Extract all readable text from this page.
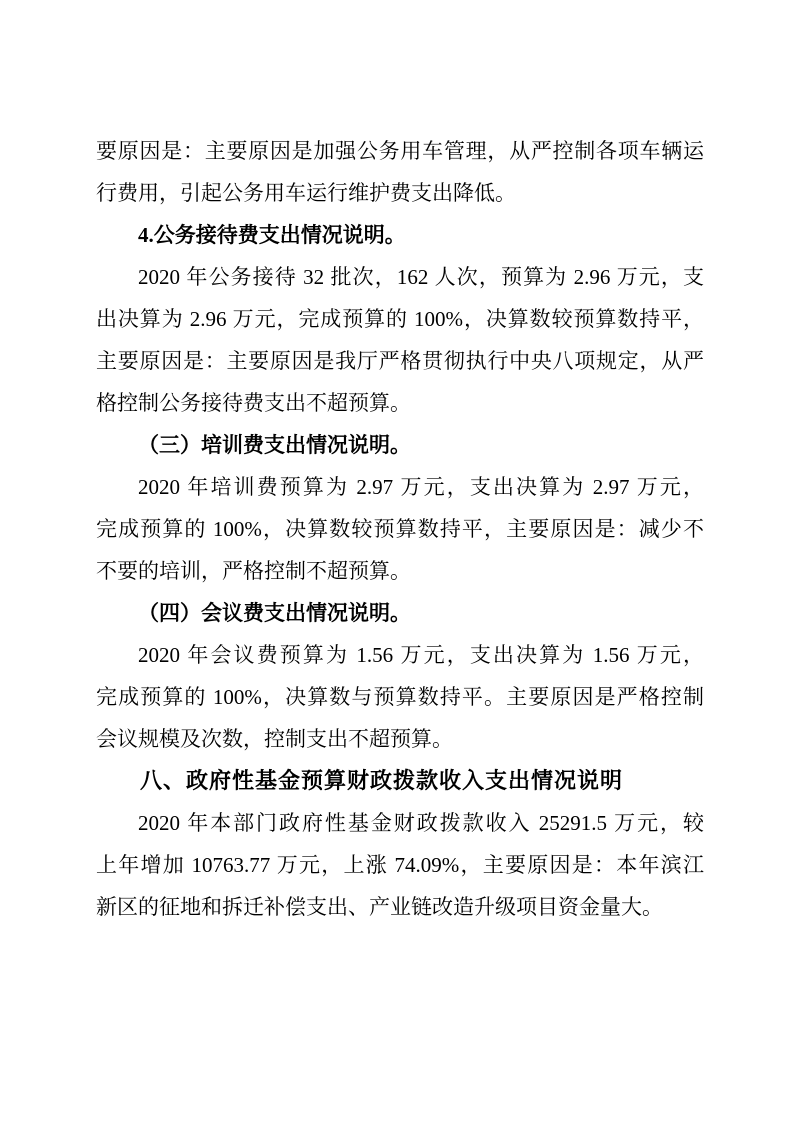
要原因是：主要原因是加强公务用车管理，从严控制各项车辆运
行费用，引起公务用车运行维护费支出降低。
4.公务接待费支出情况说明。
2020 年公务接待 32 批次，162 人次，预算为 2.96 万元，支
出决算为 2.96 万元，完成预算的 100%，决算数较预算数持平，
主要原因是：主要原因是我厅严格贯彻执行中央八项规定，从严
格控制公务接待费支出不超预算。
（三）培训费支出情况说明。
2020 年培训费预算为 2.97 万元，支出决算为 2.97 万元，
完成预算的 100%，决算数较预算数持平，主要原因是：减少不
不要的培训，严格控制不超预算。
（四）会议费支出情况说明。
2020 年会议费预算为 1.56 万元，支出决算为 1.56 万元，
完成预算的 100%，决算数与预算数持平。主要原因是严格控制
会议规模及次数，控制支出不超预算。
八、政府性基金预算财政拨款收入支出情况说明
2020 年本部门政府性基金财政拨款收入 25291.5 万元，较
上年增加 10763.77 万元，上涨 74.09%，主要原因是：本年滨江
新区的征地和拆迁补偿支出、产业链改造升级项目资金量大。
